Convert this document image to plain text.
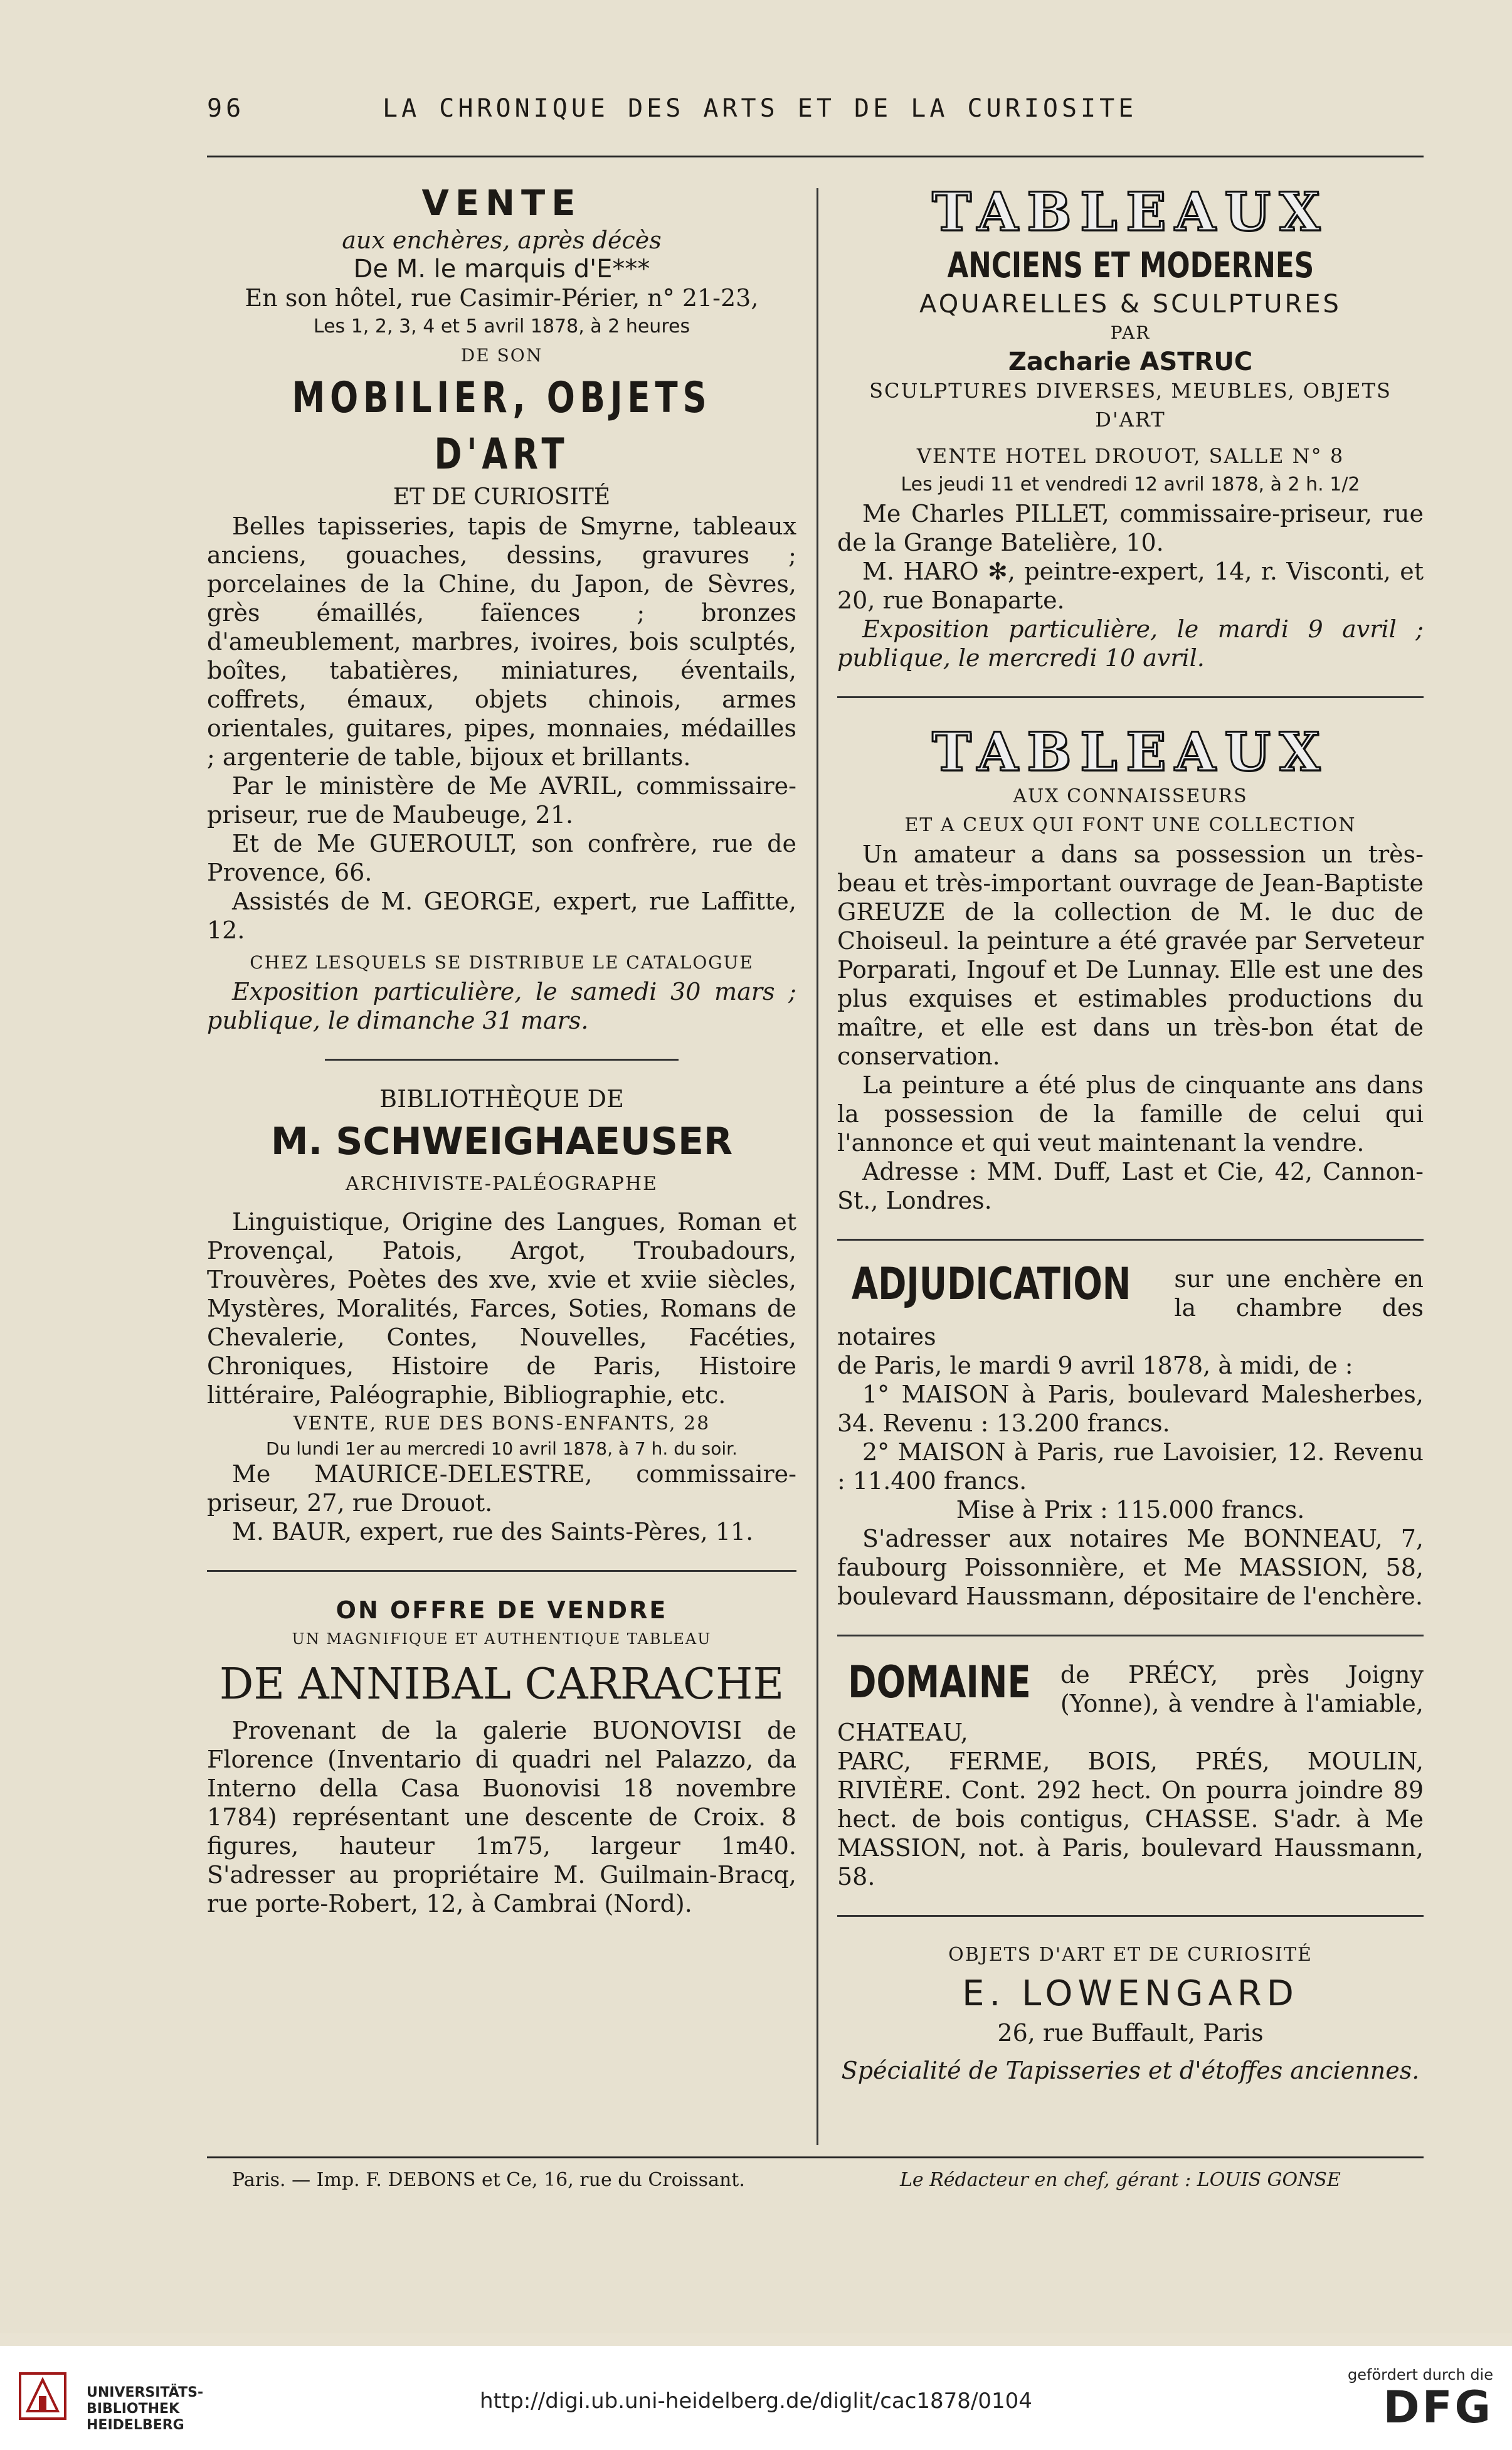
96	LA CHRONIQUE DES ARTS ET DE LA CURIOSITE

VENTE

aux enchères, après décès

De M. le marquis d'E***

En son hôtel, rue Casimir-Périer, n° 21-23,

Les 1, 2, 3, 4 et 5 avril 1878, à 2 heures

DE SON

MOBILIER, OBJETS D'ART

ET DE CURIOSITÉ

Belles tapisseries, tapis de Smyrne, tableaux anciens, gouaches, dessins, gravures ; porcelaines de la Chine, du Japon, de Sèvres, grès émaillés, faïences ; bronzes d'ameublement, marbres, ivoires, bois sculptés, boîtes, tabatières, miniatures, éventails, coffrets, émaux, objets chinois, armes orientales, guitares, pipes, monnaies, médailles ; argenterie de table, bijoux et brillants.

Par le ministère de Me AVRIL, commissaire-priseur, rue de Maubeuge, 21.

Et de Me GUEROULT, son confrère, rue de Provence, 66.

Assistés de M. GEORGE, expert, rue Laffitte, 12.

CHEZ LESQUELS SE DISTRIBUE LE CATALOGUE

Exposition particulière, le samedi 30 mars ; publique, le dimanche 31 mars.

BIBLIOTHÈQUE DE

M. SCHWEIGHAEUSER

ARCHIVISTE-PALÉOGRAPHE

Linguistique, Origine des Langues, Roman et Provençal, Patois, Argot, Troubadours, Trouvères, Poètes des xve, xvie et xviie siècles, Mystères, Moralités, Farces, Soties, Romans de Chevalerie, Contes, Nouvelles, Facéties, Chroniques, Histoire de Paris, Histoire littéraire, Paléographie, Bibliographie, etc.

VENTE, RUE DES BONS-ENFANTS, 28

Du lundi 1er au mercredi 10 avril 1878, à 7 h. du soir.

Me MAURICE-DELESTRE, commissaire-priseur, 27, rue Drouot.

M. BAUR, expert, rue des Saints-Pères, 11.

ON OFFRE DE VENDRE

UN MAGNIFIQUE ET AUTHENTIQUE TABLEAU

DE ANNIBAL CARRACHE

Provenant de la galerie BUONOVISI de Florence (Inventario di quadri nel Palazzo, da Interno della Casa Buonovisi 18 novembre 1784) représentant une descente de Croix. 8 figures, hauteur 1m75, largeur 1m40. S'adresser au propriétaire M. Guilmain-Bracq, rue porte-Robert, 12, à Cambrai (Nord).

TABLEAUX

ANCIENS ET MODERNES

AQUARELLES & SCULPTURES

PAR

Zacharie ASTRUC

SCULPTURES DIVERSES, MEUBLES, OBJETS D'ART

VENTE HOTEL DROUOT, SALLE N° 8

Les jeudi 11 et vendredi 12 avril 1878, à 2 h. 1/2

Me Charles PILLET, commissaire-priseur, rue de la Grange Batelière, 10.

M. HARO ✻, peintre-expert, 14, r. Visconti, et 20, rue Bonaparte.

Exposition particulière, le mardi 9 avril ; publique, le mercredi 10 avril.

TABLEAUX

AUX CONNAISSEURS

ET A CEUX QUI FONT UNE COLLECTION

Un amateur a dans sa possession un très-beau et très-important ouvrage de Jean-Baptiste GREUZE de la collection de M. le duc de Choiseul. la peinture a été gravée par Serveteur Porparati, Ingouf et De Lunnay. Elle est une des plus exquises et estimables productions du maître, et elle est dans un très-bon état de conservation.

La peinture a été plus de cinquante ans dans la possession de la famille de celui qui l'annonce et qui veut maintenant la vendre.

Adresse : MM. Duff, Last et Cie, 42, Cannon-St., Londres.

ADJUDICATION sur une enchère en la chambre des notaires

de Paris, le mardi 9 avril 1878, à midi, de :

1° MAISON à Paris, boulevard Malesherbes, 34. Revenu : 13.200 francs.

2° MAISON à Paris, rue Lavoisier, 12. Revenu : 11.400 francs.

Mise à Prix : 115.000 francs.

S'adresser aux notaires Me BONNEAU, 7, faubourg Poissonnière, et Me MASSION, 58, boulevard Haussmann, dépositaire de l'enchère.

DOMAINE de PRÉCY, près Joigny (Yonne), à vendre à l'amiable, CHATEAU,

PARC, FERME, BOIS, PRÉS, MOULIN, RIVIÈRE. Cont. 292 hect. On pourra joindre 89 hect. de bois contigus, CHASSE. S'adr. à Me MASSION, not. à Paris, boulevard Haussmann, 58.

OBJETS D'ART ET DE CURIOSITÉ

E. LOWENGARD

26, rue Buffault, Paris

Spécialité de Tapisseries et d'étoffes anciennes.

Paris. — Imp. F. DEBONS et Ce, 16, rue du Croissant.	Le Rédacteur en chef, gérant : LOUIS GONSE
UNIVERSITÄTS-
BIBLIOTHEK
HEIDELBERG
http://digi.ub.uni-heidelberg.de/diglit/cac1878/0104
gefördert durch die
DFG
